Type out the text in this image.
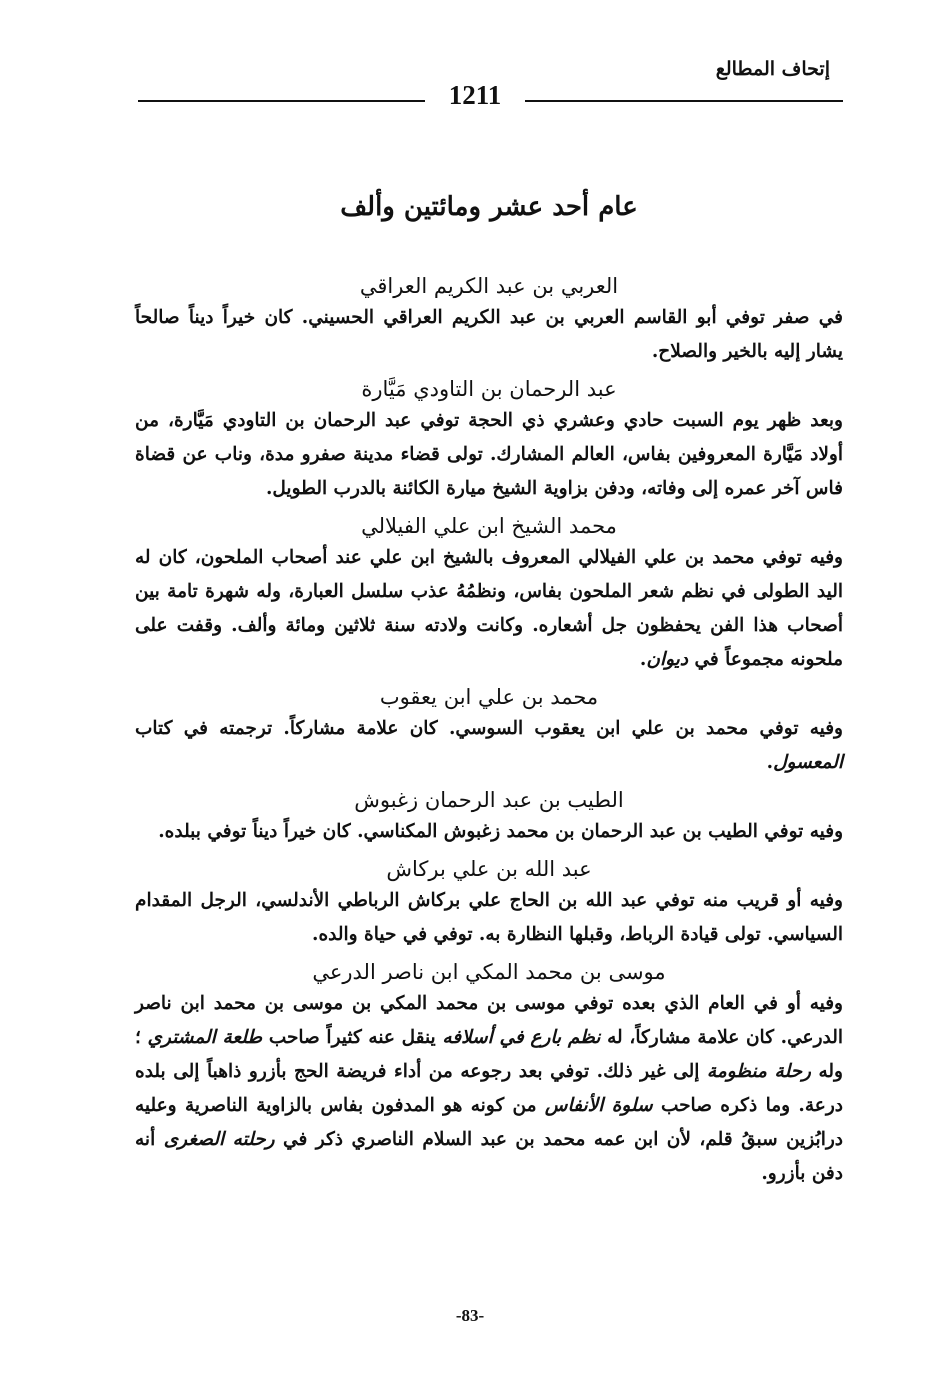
إتحاف المطالع
1211
عام أحد عشر ومائتين وألف
العربي بن عبد الكريم العراقي

في صفر توفي أبو القاسم العربي بن عبد الكريم العراقي الحسيني. كان خيراً ديناً صالحاً يشار إليه بالخير والصلاح.

عبد الرحمان بن التاودي مَيَّارة

وبعد ظهر يوم السبت حادي وعشري ذي الحجة توفي عبد الرحمان بن التاودي مَيَّارة، من أولاد مَيَّارة المعروفين بفاس، العالم المشارك. تولى قضاء مدينة صفرو مدة، وناب عن قضاة فاس آخر عمره إلى وفاته، ودفن بزاوية الشيخ ميارة الكائنة بالدرب الطويل.

محمد الشيخ ابن علي الفيلالي

وفيه توفي محمد بن علي الفيلالي المعروف بالشيخ ابن علي عند أصحاب الملحون، كان له اليد الطولى في نظم شعر الملحون بفاس، ونظمُهُ عذب سلسل العبارة، وله شهرة تامة بين أصحاب هذا الفن يحفظون جل أشعاره. وكانت ولادته سنة ثلاثين ومائة وألف. وقفت على ملحونه مجموعاً في ديوان.

محمد بن علي ابن يعقوب

وفيه توفي محمد بن علي ابن يعقوب السوسي. كان علامة مشاركاً. ترجمته في كتاب المعسول.

الطيب بن عبد الرحمان زغبوش

وفيه توفي الطيب بن عبد الرحمان بن محمد زغبوش المكناسي. كان خيراً ديناً توفي ببلده.

عبد الله بن علي بركاش

وفيه أو قريب منه توفي عبد الله بن الحاج علي بركاش الرباطي الأندلسي، الرجل المقدام السياسي. تولى قيادة الرباط، وقبلها النظارة به. توفي في حياة والده.

موسى بن محمد المكي ابن ناصر الدرعي

وفيه أو في العام الذي بعده توفي موسى بن محمد المكي بن موسى بن محمد ابن ناصر الدرعي. كان علامة مشاركاً، له نظم بارع في أسلافه ينقل عنه كثيراً صاحب طلعة المشتري ؛ وله رحلة منظومة إلى غير ذلك. توفي بعد رجوعه من أداء فريضة الحج بأزرو ذاهباً إلى بلده درعة. وما ذكره صاحب سلوة الأنفاس من كونه هو المدفون بفاس بالزاوية الناصرية وعليه درابُزين سبقُ قلم، لأن ابن عمه محمد بن عبد السلام الناصري ذكر في رحلته الصغرى أنه دفن بأزرو.

-83-
